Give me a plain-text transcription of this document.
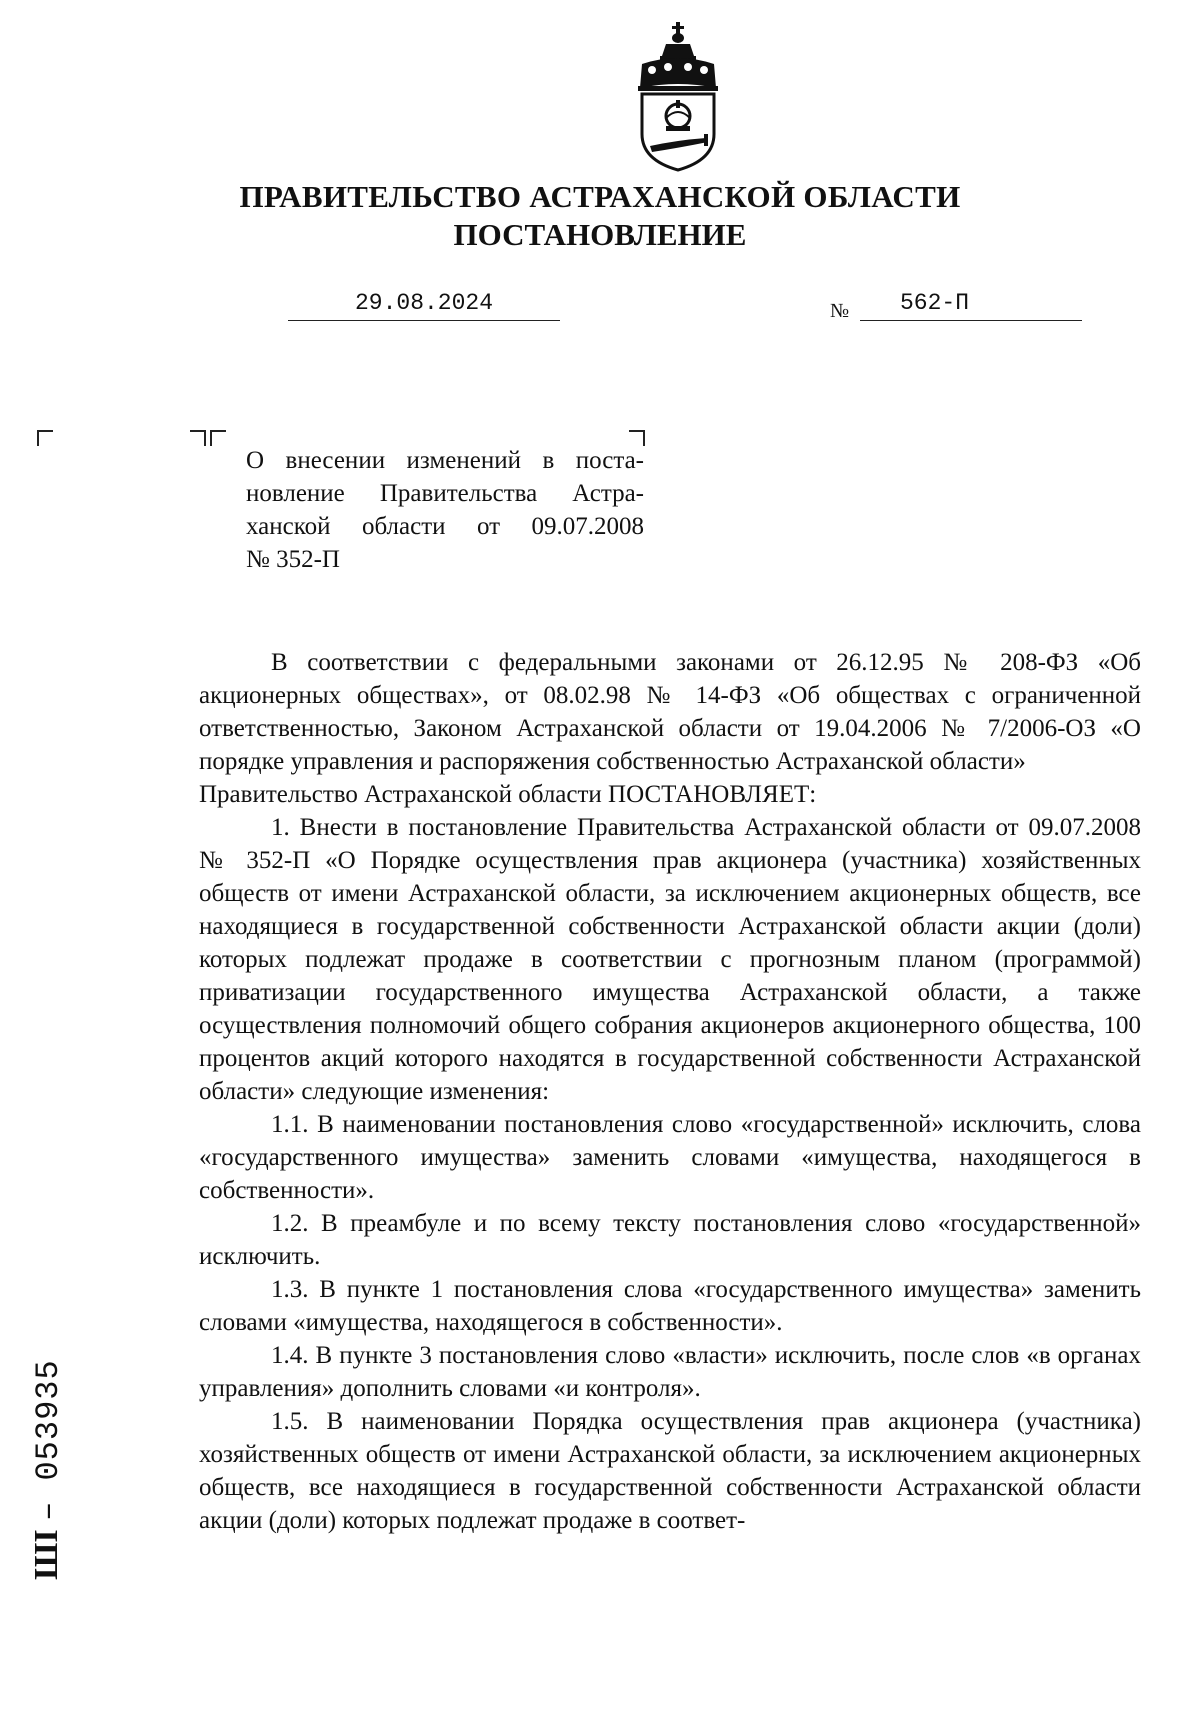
ПРАВИТЕЛЬСТВО АСТРАХАНСКОЙ ОБЛАСТИ
ПОСТАНОВЛЕНИЕ
29.08.2024	№	562-П
О внесении изменений в поста-
новление Правительства Астра-
ханской области от 09.07.2008
№ 352-П

В соответствии с федеральными законами от 26.12.95 № 208-ФЗ «Об акционерных обществах», от 08.02.98 № 14-ФЗ «Об обществах с ограниченной ответственностью, Законом Астраханской области от 19.04.2006 № 7/2006-ОЗ «О порядке управления и распоряжения собственностью Астраханской области»

Правительство Астраханской области ПОСТАНОВЛЯЕТ:

1. Внести в постановление Правительства Астраханской области от 09.07.2008 № 352-П «О Порядке осуществления прав акционера (участника) хозяйственных обществ от имени Астраханской области, за исключением акционерных обществ, все находящиеся в государственной собственности Астраханской области акции (доли) которых подлежат продаже в соответствии с прогнозным планом (программой) приватизации государственного имущества Астраханской области, а также осуществления полномочий общего собрания акционеров акционерного общества, 100 процентов акций которого находятся в государственной собственности Астраханской области» следующие изменения:

1.1. В наименовании постановления слово «государственной» исключить, слова «государственного имущества» заменить словами «имущества, находящегося в собственности».

1.2. В преамбуле и по всему тексту постановления слово «государственной» исключить.

1.3. В пункте 1 постановления слова «государственного имущества» заменить словами «имущества, находящегося в собственности».

1.4. В пункте 3 постановления слово «власти» исключить, после слов «в органах управления» дополнить словами «и контроля».

1.5. В наименовании Порядка осуществления прав акционера (участника) хозяйственных обществ от имени Астраханской области, за исключением акционерных обществ, все находящиеся в государственной собственности Астраханской области акции (доли) которых подлежат продаже в соответ-

ШI – 053935
